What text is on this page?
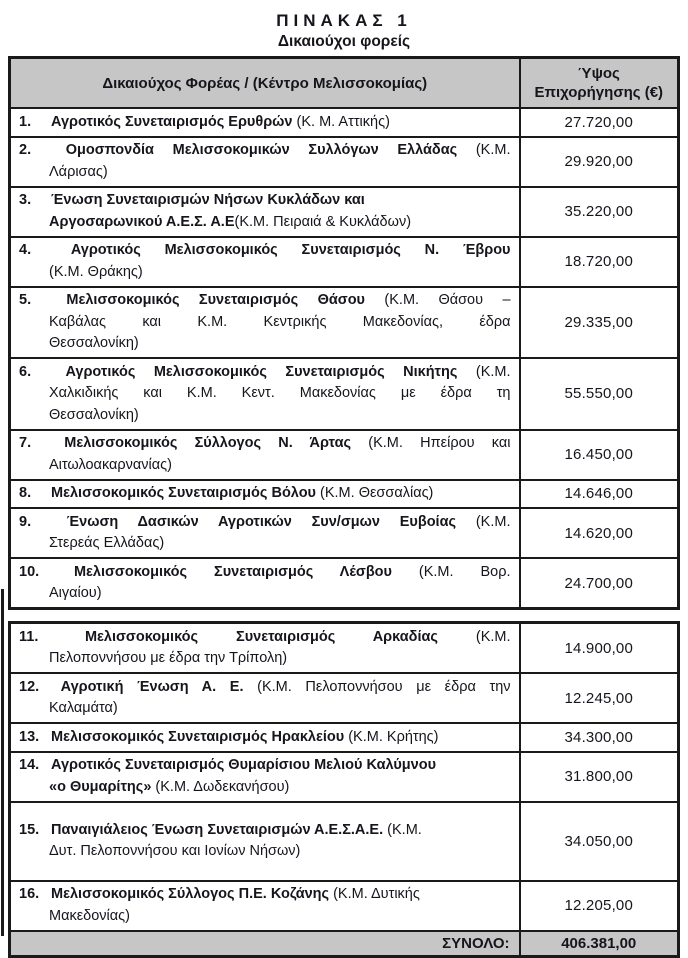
ΠΙΝΑΚΑΣ 1
Δικαιούχοι φορείς
Δικαιούχος Φορέας / (Κέντρο Μελισσοκομίας)	Ύψος
Επιχορήγησης (€)

1. Αγροτικός Συνεταιρισμός Ερυθρών (Κ. Μ. Αττικής)	27.720,00

2. Ομοσπονδία Μελισσοκομικών Συλλόγων Ελλάδας (Κ.Μ.
Λάρισας)	29.920,00

3. Ένωση Συνεταιρισμών Νήσων Κυκλάδων και
Αργοσαρωνικού Α.Ε.Σ. Α.Ε(Κ.Μ. Πειραιά & Κυκλάδων)	35.220,00

4. Αγροτικός Μελισσοκομικός Συνεταιρισμός Ν. Έβρου
(Κ.Μ. Θράκης)	18.720,00

5. Μελισσοκομικός Συνεταιρισμός Θάσου (Κ.Μ. Θάσου –
Καβάλας και Κ.Μ. Κεντρικής Μακεδονίας, έδρα
Θεσσαλονίκη)	29.335,00

6. Αγροτικός Μελισσοκομικός Συνεταιρισμός Νικήτης (Κ.Μ.
Χαλκιδικής και Κ.Μ. Κεντ. Μακεδονίας με έδρα τη
Θεσσαλονίκη)	55.550,00

7. Μελισσοκομικός Σύλλογος Ν. Άρτας (Κ.Μ. Ηπείρου και
Αιτωλοακαρνανίας)	16.450,00

8. Μελισσοκομικός Συνεταιρισμός Βόλου (Κ.Μ. Θεσσαλίας)	14.646,00

9. Ένωση Δασικών Αγροτικών Συν/σμων Ευβοίας (Κ.Μ.
Στερεάς Ελλάδας)	14.620,00

10. Μελισσοκομικός Συνεταιρισμός Λέσβου (Κ.Μ. Βορ.
Αιγαίου)	24.700,00
11. Μελισσοκομικός Συνεταιρισμός Αρκαδίας (Κ.Μ.
Πελοποννήσου με έδρα την Τρίπολη)	14.900,00

12. Αγροτική Ένωση Α. Ε. (Κ.Μ. Πελοποννήσου με έδρα την
Καλαμάτα)	12.245,00

13. Μελισσοκομικός Συνεταιρισμός Ηρακλείου (Κ.Μ. Κρήτης)	34.300,00

14. Αγροτικός Συνεταιρισμός Θυμαρίσιου Μελιού Καλύμνου
«ο Θυμαρίτης» (Κ.Μ. Δωδεκανήσου)	31.800,00

15. Παναιγιάλειος Ένωση Συνεταιρισμών Α.Ε.Σ.Α.Ε. (Κ.Μ.
Δυτ. Πελοποννήσου και Ιονίων Νήσων)	34.050,00

16. Μελισσοκομικός Σύλλογος Π.Ε. Κοζάνης (Κ.Μ. Δυτικής
Μακεδονίας)	12.205,00
ΣΥΝΟΛΟ:	406.381,00
